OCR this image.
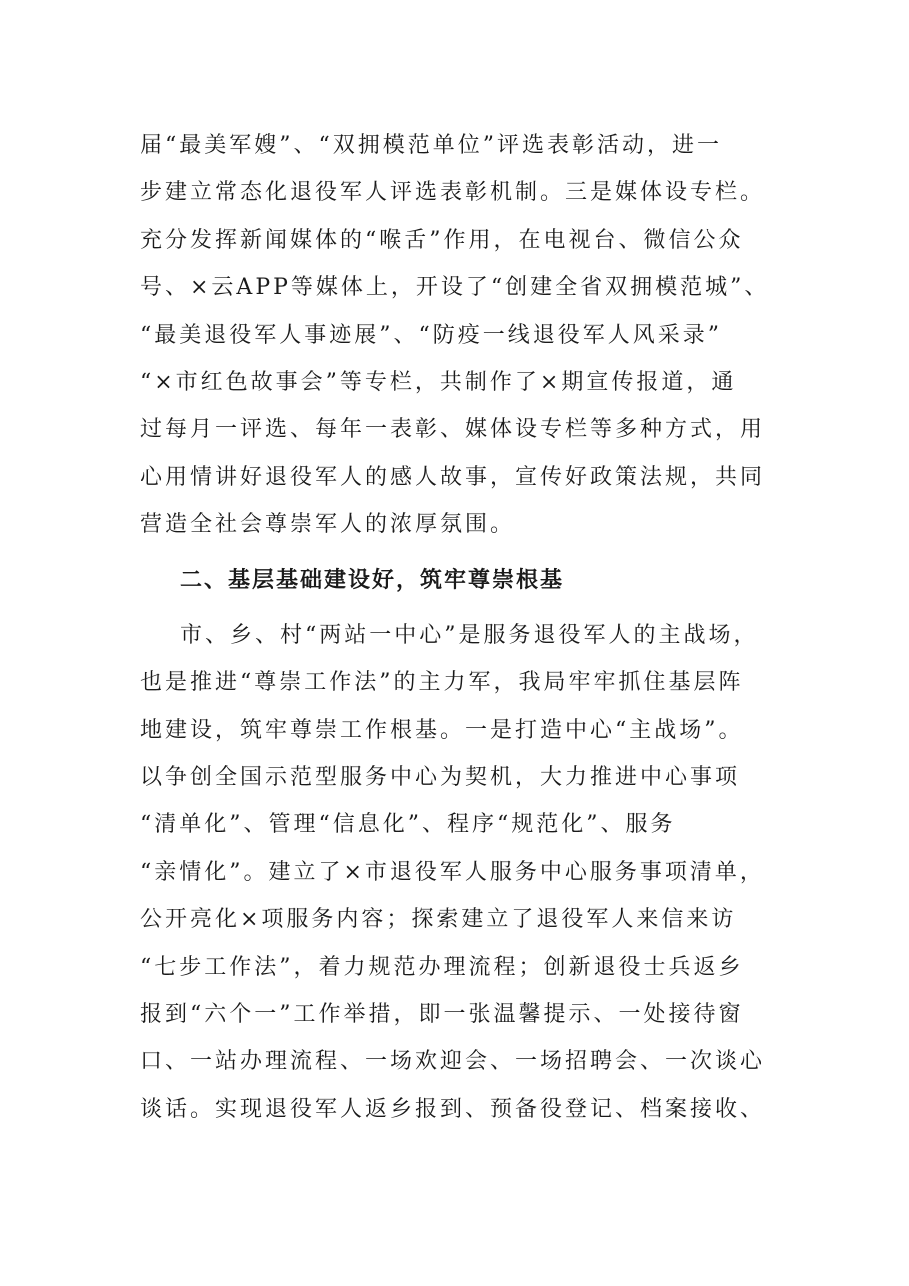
届“最美军嫂”、“双拥模范单位”评选表彰活动，进一
步建立常态化退役军人评选表彰机制。三是媒体设专栏。
充分发挥新闻媒体的“喉舌”作用，在电视台、微信公众
号、×云APP等媒体上，开设了“创建全省双拥模范城”、
“最美退役军人事迹展”、“防疫一线退役军人风采录”
“×市红色故事会”等专栏，共制作了×期宣传报道，通
过每月一评选、每年一表彰、媒体设专栏等多种方式，用
心用情讲好退役军人的感人故事，宣传好政策法规，共同
营造全社会尊崇军人的浓厚氛围。
二、基层基础建设好，筑牢尊崇根基
市、乡、村“两站一中心”是服务退役军人的主战场，
也是推进“尊崇工作法”的主力军，我局牢牢抓住基层阵
地建设，筑牢尊崇工作根基。一是打造中心“主战场”。
以争创全国示范型服务中心为契机，大力推进中心事项
“清单化”、管理“信息化”、程序“规范化”、服务
“亲情化”。建立了×市退役军人服务中心服务事项清单，
公开亮化×项服务内容；探索建立了退役军人来信来访
“七步工作法”，着力规范办理流程；创新退役士兵返乡
报到“六个一”工作举措，即一张温馨提示、一处接待窗
口、一站办理流程、一场欢迎会、一场招聘会、一次谈心
谈话。实现退役军人返乡报到、预备役登记、档案接收、
